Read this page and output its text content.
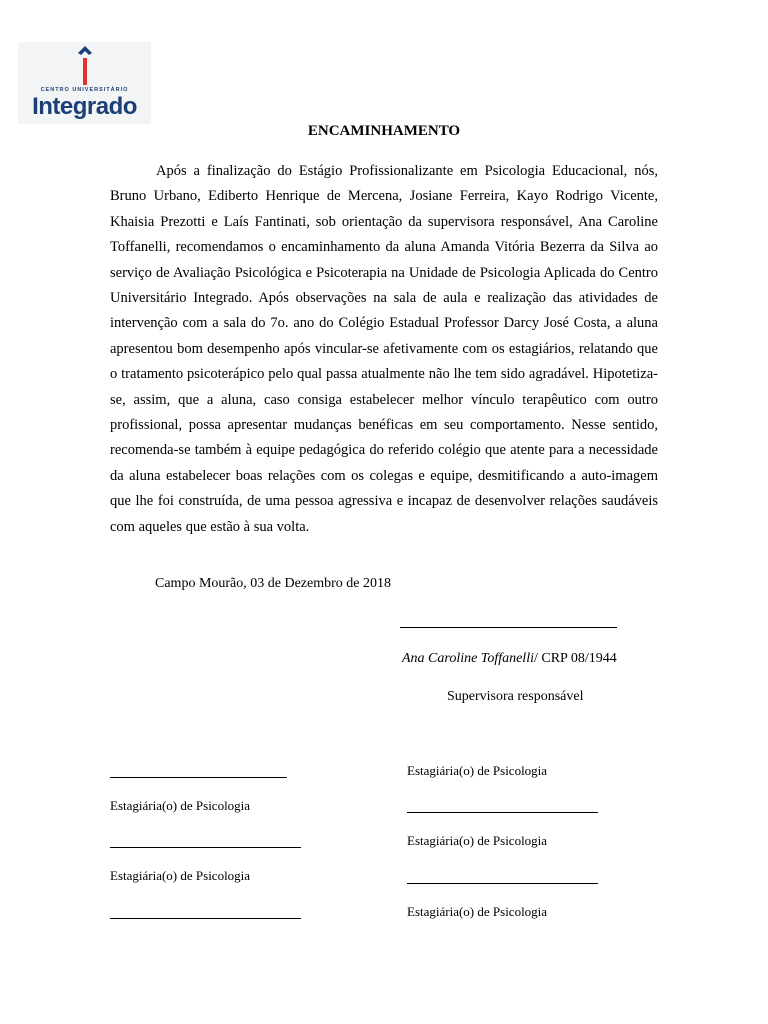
CENTRO UNIVERSITÁRIO
Integrado
ENCAMINHAMENTO

Após a finalização do Estágio Profissionalizante em Psicologia Educacional, nós, Bruno Urbano, Ediberto Henrique de Mercena, Josiane Ferreira, Kayo Rodrigo Vicente, Khaisia Prezotti e Laís Fantinati, sob orientação da supervisora responsável, Ana Caroline Toffanelli, recomendamos o encaminhamento da aluna Amanda Vitória Bezerra da Silva ao serviço de Avaliação Psicológica e Psicoterapia na Unidade de Psicologia Aplicada do Centro Universitário Integrado. Após observações na sala de aula e realização das atividades de intervenção com a sala do 7o. ano do Colégio Estadual Professor Darcy José Costa, a aluna apresentou bom desempenho após vincular-se afetivamente com os estagiários, relatando que o tratamento psicoterápico pelo qual passa atualmente não lhe tem sido agradável. Hipotetiza-se, assim, que a aluna, caso consiga estabelecer melhor vínculo terapêutico com outro profissional, possa apresentar mudanças benéficas em seu comportamento. Nesse sentido, recomenda-se também à equipe pedagógica do referido colégio que atente para a necessidade da aluna estabelecer boas relações com os colegas e equipe, desmitificando a auto-imagem que lhe foi construída, de uma pessoa agressiva e incapaz de desenvolver relações saudáveis com aqueles que estão à sua volta.

Campo Mourão, 03 de Dezembro de 2018
Ana Caroline Toffanelli/ CRP 08/1944
Supervisora responsável
Estagiária(o) de Psicologia
Estagiária(o) de Psicologia
Estagiária(o) de Psicologia
Estagiária(o) de Psicologia
Estagiária(o) de Psicologia
Estagiária(o) de Psicologia
